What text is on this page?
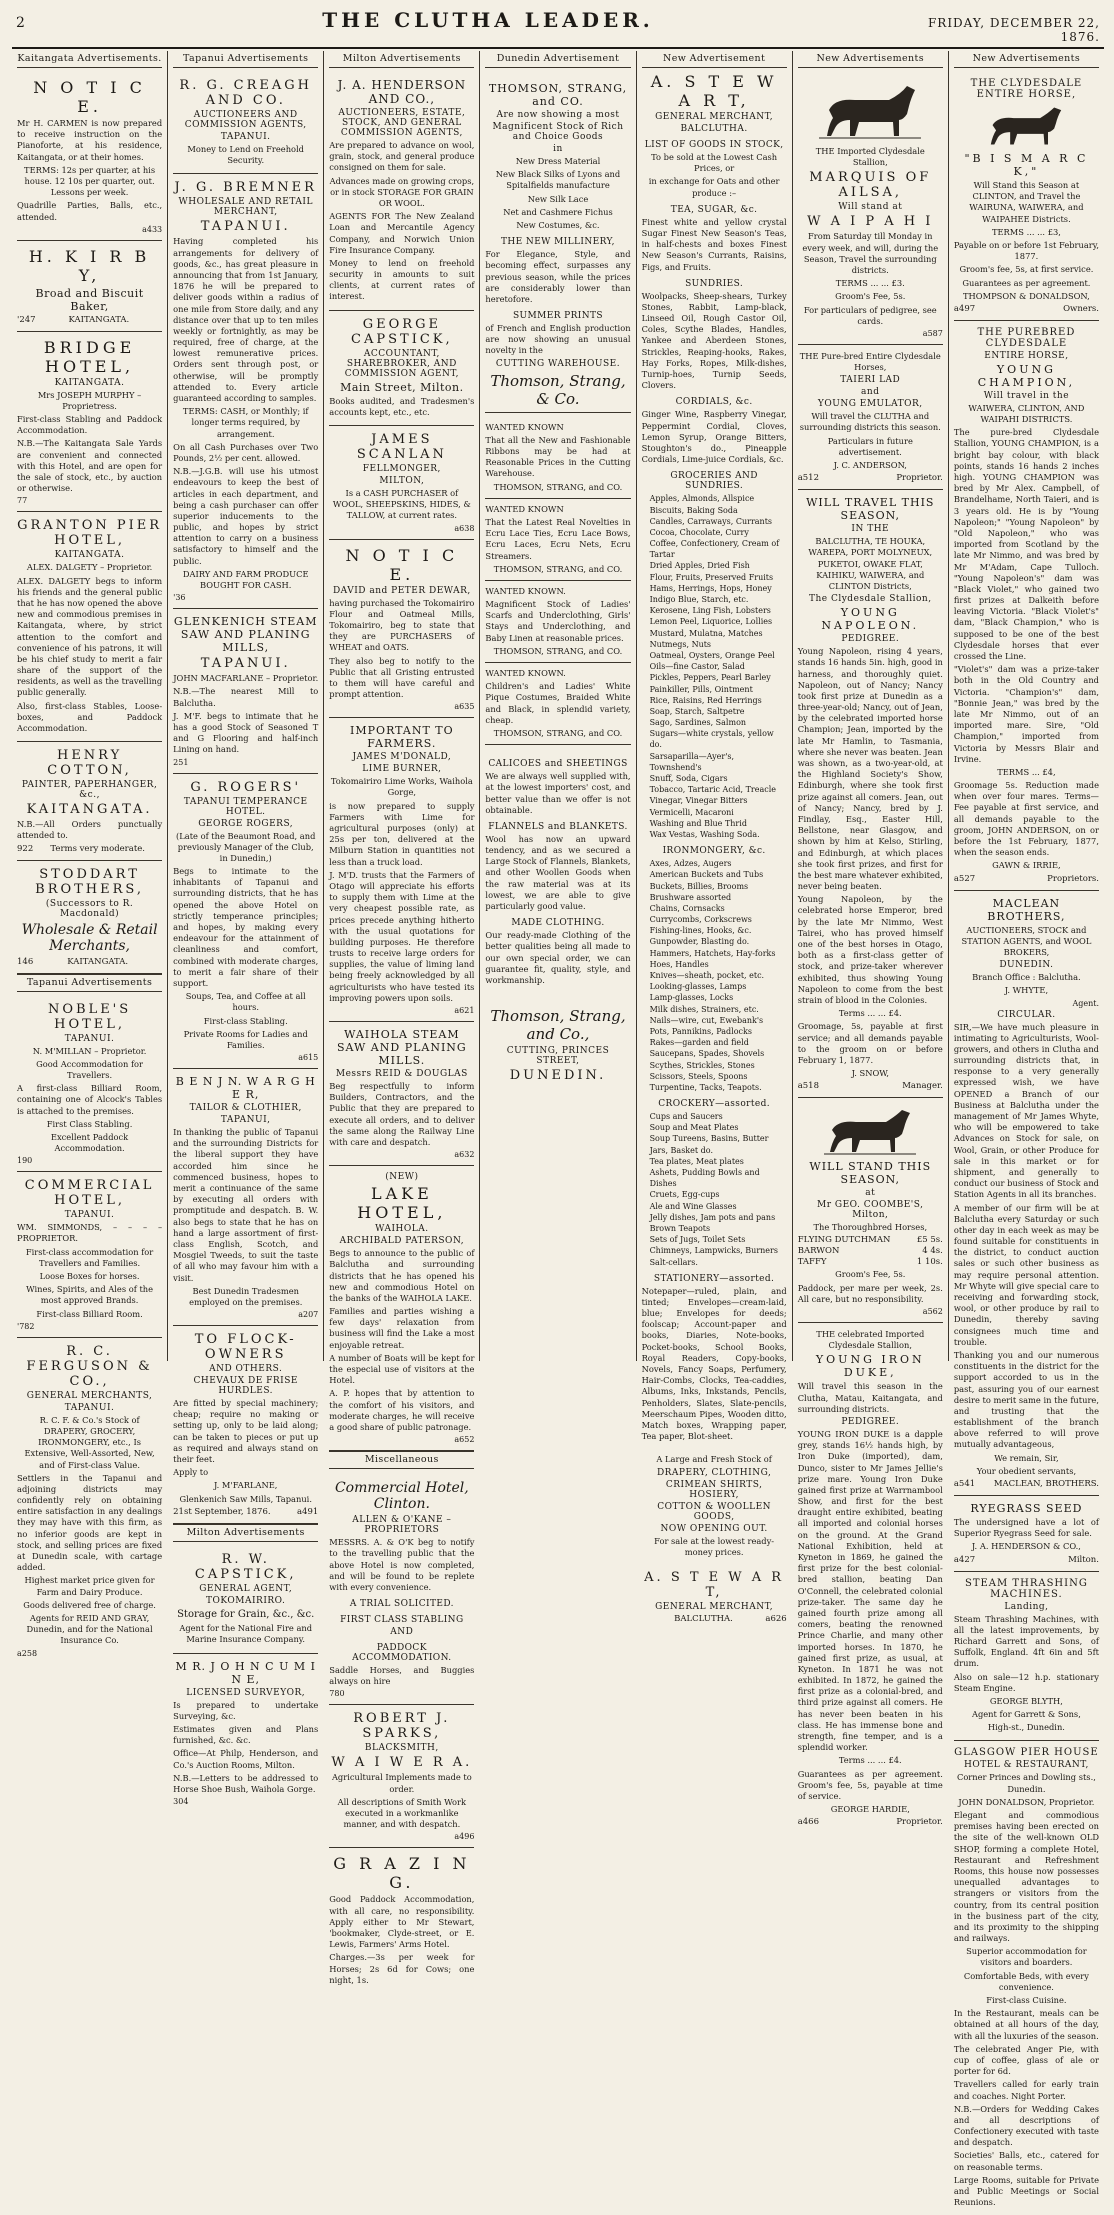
2	THE CLUTHA LEADER.	FRIDAY, DECEMBER 22, 1876.
Kaitangata Advertisements.
N O T I C E.
Mr H. CARMEN is now prepared to receive instruction on the Pianoforte, at his residence, Kaitangata, or at their homes.
TERMS: 12s per quarter, at his house. 12 10s per quarter, out. Lessons per week.
Quadrille Parties, Balls, etc., attended.
a433
H. K I R B Y,
Broad and Biscuit Baker,
'247	KAITANGATA.
BRIDGE HOTEL,
KAITANGATA.
Mrs JOSEPH MURPHY – Proprietress.
First-class Stabling and Paddock Accommodation.
N.B.—The Kaitangata Sale Yards are convenient and connected with this Hotel, and are open for the sale of stock, etc., by auction or otherwise.
77
GRANTON PIER HOTEL,
KAITANGATA.
ALEX. DALGETY – Proprietor.
ALEX. DALGETY begs to inform his friends and the general public that he has now opened the above new and commodious premises in Kaitangata, where, by strict attention to the comfort and convenience of his patrons, it will be his chief study to merit a fair share of the support of the residents, as well as the travelling public generally.
Also, first-class Stables, Loose-boxes, and Paddock Accommodation.
HENRY COTTON,
PAINTER, PAPERHANGER, &c.,
KAITANGATA.
N.B.—All Orders punctually attended to.
922 Terms very moderate.
STODDART BROTHERS,
(Successors to R. Macdonald)
Wholesale & Retail Merchants,
146	KAITANGATA.
Tapanui Advertisements
NOBLE'S HOTEL,
TAPANUI.
N. M'MILLAN – Proprietor.
Good Accommodation for Travellers.
A first-class Billiard Room, containing one of Alcock's Tables is attached to the premises.
First Class Stabling.
Excellent Paddock Accommodation.
190
COMMERCIAL HOTEL,
TAPANUI.
WM. SIMMONDS, – – – – PROPRIETOR.
First-class accommodation for Travellers and Families.
Loose Boxes for horses.
Wines, Spirits, and Ales of the most approved Brands.
First-class Billiard Room.
'782
R. C. FERGUSON & CO.,
GENERAL MERCHANTS,
TAPANUI.
R. C. F. & Co.'s Stock of DRAPERY, GROCERY, IRONMONGERY, etc., Is Extensive, Well-Assorted, New, and of First-class Value.
Settlers in the Tapanui and adjoining districts may confidently rely on obtaining entire satisfaction in any dealings they may have with this firm, as no inferior goods are kept in stock, and selling prices are fixed at Dunedin scale, with cartage added.
Highest market price given for Farm and Dairy Produce.
Goods delivered free of charge.
Agents for REID AND GRAY, Dunedin, and for the National Insurance Co.
a258
Tapanui Advertisements
R. G. CREAGH AND CO.
AUCTIONEERS AND COMMISSION AGENTS,
TAPANUI.
Money to Lend on Freehold Security.
J. G. BREMNER
WHOLESALE AND RETAIL MERCHANT,
TAPANUI.
Having completed his arrangements for delivery of goods, &c., has great pleasure in announcing that from 1st January, 1876 he will be prepared to deliver goods within a radius of one mile from Store daily, and any distance over that up to ten miles weekly or fortnightly, as may be required, free of charge, at the lowest remunerative prices. Orders sent through post, or otherwise, will be promptly attended to. Every article guaranteed according to samples.
TERMS: CASH, or Monthly; if longer terms required, by arrangement.
On all Cash Purchases over Two Pounds, 2½ per cent. allowed.
N.B.—J.G.B. will use his utmost endeavours to keep the best of articles in each department, and being a cash purchaser can offer superior inducements to the public, and hopes by strict attention to carry on a business satisfactory to himself and the public.
DAIRY AND FARM PRODUCE BOUGHT FOR CASH.
'36
GLENKENICH STEAM SAW AND PLANING MILLS,
TAPANUI.
JOHN MACFARLANE – Proprietor.
N.B.—The nearest Mill to Balclutha.
J. M'F. begs to intimate that he has a good Stock of Seasoned T and G Flooring and half-inch Lining on hand.
251
G. ROGERS'
TAPANUI TEMPERANCE HOTEL.
GEORGE ROGERS,
(Late of the Beaumont Road, and previously Manager of the Club, in Dunedin,)
Begs to intimate to the inhabitants of Tapanui and surrounding districts, that he has opened the above Hotel on strictly temperance principles; and hopes, by making every endeavour for the attainment of cleanliness and comfort, combined with moderate charges, to merit a fair share of their support.
Soups, Tea, and Coffee at all hours.
First-class Stabling.
Private Rooms for Ladies and Families.
a615
B E N J N. W A R G H E R,
TAILOR & CLOTHIER,
TAPANUI,
In thanking the public of Tapanui and the surrounding Districts for the liberal support they have accorded him since he commenced business, hopes to merit a continuance of the same by executing all orders with promptitude and despatch. B. W. also begs to state that he has on hand a large assortment of first-class English, Scotch, and Mosgiel Tweeds, to suit the taste of all who may favour him with a visit.
Best Dunedin Tradesmen employed on the premises.
a207
TO FLOCK-OWNERS
AND OTHERS.
CHEVAUX DE FRISE HURDLES.
Are fitted by special machinery; cheap; require no making or setting up, only to be laid along; can be taken to pieces or put up as required and always stand on their feet.
Apply to
J. M'FARLANE,
Glenkenich Saw Mills, Tapanui.
21st September, 1876.	a491
Milton Advertisements
R. W. CAPSTICK,
GENERAL AGENT,
TOKOMAIRIRO.
Storage for Grain, &c., &c.
Agent for the National Fire and Marine Insurance Company.
M R. J O H N C U M I N E,
LICENSED SURVEYOR,
Is prepared to undertake Surveying, &c.
Estimates given and Plans furnished, &c. &c.
Office—At Philp, Henderson, and Co.'s Auction Rooms, Milton.
N.B.—Letters to be addressed to Horse Shoe Bush, Waihola Gorge.
304
Milton Advertisements
J. A. HENDERSON AND CO.,
AUCTIONEERS, ESTATE, STOCK, AND GENERAL COMMISSION AGENTS,
Are prepared to advance on wool, grain, stock, and general produce consigned on them for sale.
Advances made on growing crops, or in stock STORAGE FOR GRAIN OR WOOL.
AGENTS FOR The New Zealand Loan and Mercantile Agency Company, and Norwich Union Fire Insurance Company.
Money to lend on freehold security in amounts to suit clients, at current rates of interest.
GEORGE CAPSTICK,
ACCOUNTANT, SHAREBROKER, AND COMMISSION AGENT,
Main Street, Milton.
Books audited, and Tradesmen's accounts kept, etc., etc.
JAMES SCANLAN
FELLMONGER,
MILTON,
Is a CASH PURCHASER of WOOL, SHEEPSKINS, HIDES, & TALLOW, at current rates.
a638
N O T I C E.
DAVID and PETER DEWAR,
having purchased the Tokomairiro Flour and Oatmeal Mills, Tokomairiro, beg to state that they are PURCHASERS of WHEAT and OATS.
They also beg to notify to the Public that all Gristing entrusted to them will have careful and prompt attention.
a635
IMPORTANT TO FARMERS.
JAMES M'DONALD,
LIME BURNER,
Tokomairiro Lime Works, Waihola Gorge,
is now prepared to supply Farmers with Lime for agricultural purposes (only) at 25s per ton, delivered at the Milburn Station in quantities not less than a truck load.
J. M'D. trusts that the Farmers of Otago will appreciate his efforts to supply them with Lime at the very cheapest possible rate, as prices precede anything hitherto with the usual quotations for building purposes. He therefore trusts to receive large orders for supplies, the value of liming land being freely acknowledged by all agriculturists who have tested its improving powers upon soils.
a621
WAIHOLA STEAM SAW AND PLANING MILLS.
Messrs REID & DOUGLAS
Beg respectfully to inform Builders, Contractors, and the Public that they are prepared to execute all orders, and to deliver the same along the Railway Line with care and despatch.
a632
(NEW)
LAKE HOTEL,
WAIHOLA.
ARCHIBALD PATERSON,
Begs to announce to the public of Balclutha and surrounding districts that he has opened his new and commodious Hotel on the banks of the WAIHOLA LAKE.
Families and parties wishing a few days' relaxation from business will find the Lake a most enjoyable retreat.
A number of Boats will be kept for the especial use of visitors at the Hotel.
A. P. hopes that by attention to the comfort of his visitors, and moderate charges, he will receive a good share of public patronage.
a652
Miscellaneous
Commercial Hotel, Clinton.
ALLEN & O'KANE – PROPRIETORS
MESSRS. A. & O'K beg to notify to the travelling public that the above Hotel is now completed, and will be found to be replete with every convenience.
A TRIAL SOLICITED.
FIRST CLASS STABLING
AND
PADDOCK ACCOMMODATION.
Saddle Horses, and Buggies always on hire
780
ROBERT J. SPARKS,
BLACKSMITH,
W A I W E R A.
Agricultural Implements made to order.
All descriptions of Smith Work executed in a workmanlike manner, and with despatch.
a496
G R A Z I N G.
Good Paddock Accommodation, with all care, no responsibility. Apply either to Mr Stewart, 'bookmaker, Clyde-street, or E. Lewis, Farmers' Arms Hotel.
Charges.—3s per week for Horses; 2s 6d for Cows; one night, 1s.
Dunedin Advertisement
THOMSON, STRANG, and CO.
Are now showing a most
Magnificent Stock of Rich and Choice Goods
in
New Dress Material
New Black Silks of Lyons and Spitalfields manufacture
New Silk Lace
Net and Cashmere Fichus
New Costumes, &c.
THE NEW MILLINERY,
For Elegance, Style, and becoming effect, surpasses any previous season, while the prices are considerably lower than heretofore.
SUMMER PRINTS
of French and English production are now showing an unusual novelty in the
CUTTING WAREHOUSE.
Thomson, Strang, & Co.
WANTED KNOWN
That all the New and Fashionable Ribbons may be had at Reasonable Prices in the Cutting Warehouse.
THOMSON, STRANG, and CO.
WANTED KNOWN
That the Latest Real Novelties in Ecru Lace Ties, Ecru Lace Bows, Ecru Laces, Ecru Nets, Ecru Streamers.
THOMSON, STRANG, and CO.
WANTED KNOWN.
Magnificent Stock of Ladies' Scarfs and Underclothing, Girls' Stays and Underclothing, and Baby Linen at reasonable prices.
THOMSON, STRANG, and CO.
WANTED KNOWN.
Children's and Ladies' White Pique Costumes, Braided White and Black, in splendid variety, cheap.
THOMSON, STRANG, and CO.
CALICOES and SHEETINGS
We are always well supplied with, at the lowest importers' cost, and better value than we offer is not obtainable.
FLANNELS and BLANKETS.
Wool has now an upward tendency, and as we secured a Large Stock of Flannels, Blankets, and other Woollen Goods when the raw material was at its lowest, we are able to give particularly good value.
MADE CLOTHING.
Our ready-made Clothing of the better qualities being all made to our own special order, we can guarantee fit, quality, style, and workmanship.
Thomson, Strang, and Co.,
CUTTING, PRINCES STREET,
DUNEDIN.
New Advertisement
A. S T E W A R T,
GENERAL MERCHANT,
BALCLUTHA.
LIST OF GOODS IN STOCK,
To be sold at the Lowest Cash Prices, or
in exchange for Oats and other produce :–
TEA, SUGAR, &c.
Finest white and yellow crystal Sugar Finest New Season's Teas, in half-chests and boxes Finest New Season's Currants, Raisins, Figs, and Fruits.
SUNDRIES.
Woolpacks, Sheep-shears, Turkey Stones, Rabbit, Lamp-black, Linseed Oil, Rough Castor Oil, Coles, Scythe Blades, Handles, Yankee and Aberdeen Stones, Strickles, Reaping-hooks, Rakes, Hay Forks, Ropes, Milk-dishes, Turnip-hoes, Turnip Seeds, Clovers.
CORDIALS, &c.
Ginger Wine, Raspberry Vinegar, Peppermint Cordial, Cloves, Lemon Syrup, Orange Bitters, Stoughton's do., Pineapple Cordials, Lime-juice Cordials, &c.
GROCERIES AND SUNDRIES.
Apples, Almonds, Allspice
Biscuits, Baking Soda
Candles, Carraways, Currants
Cocoa, Chocolate, Curry
Coffee, Confectionery, Cream of Tartar
Dried Apples, Dried Fish
Flour, Fruits, Preserved Fruits
Hams, Herrings, Hops, Honey
Indigo Blue, Starch, etc.
Kerosene, Ling Fish, Lobsters
Lemon Peel, Liquorice, Lollies
Mustard, Mulatna, Matches
Nutmegs, Nuts
Oatmeal, Oysters, Orange Peel
Oils—fine Castor, Salad
Pickles, Peppers, Pearl Barley
Painkiller, Pills, Ointment
Rice, Raisins, Red Herrings
Soap, Starch, Saltpetre
Sago, Sardines, Salmon
Sugars—white crystals, yellow do.
Sarsaparilla—Ayer's, Townshend's
Snuff, Soda, Cigars
Tobacco, Tartaric Acid, Treacle
Vinegar, Vinegar Bitters
Vermicelli, Macaroni
Washing and Blue Thrid
Wax Vestas, Washing Soda.
IRONMONGERY, &c.
Axes, Adzes, Augers
American Buckets and Tubs
Buckets, Billies, Brooms
Brushware assorted
Chains, Cornsacks
Currycombs, Corkscrews
Fishing-lines, Hooks, &c.
Gunpowder, Blasting do.
Hammers, Hatchets, Hay-forks
Hoes, Handles
Knives—sheath, pocket, etc.
Looking-glasses, Lamps
Lamp-glasses, Locks
Milk dishes, Strainers, etc.
Nails—wire, cut, Ewebank's
Pots, Pannikins, Padlocks
Rakes—garden and field
Saucepans, Spades, Shovels
Scythes, Strickles, Stones
Scissors, Steels, Spoons
Turpentine, Tacks, Teapots.
CROCKERY—assorted.
Cups and Saucers
Soup and Meat Plates
Soup Tureens, Basins, Butter Jars, Basket do.
Tea plates, Meat plates
Ashets, Pudding Bowls and Dishes
Cruets, Egg-cups
Ale and Wine Glasses
Jelly dishes, Jam pots and pans
Brown Teapots
Sets of Jugs, Toilet Sets
Chimneys, Lampwicks, Burners
Salt-cellars.
STATIONERY—assorted.
Notepaper—ruled, plain, and tinted; Envelopes—cream-laid, blue; Envelopes for deeds; foolscap; Account-paper and books, Diaries, Note-books, Pocket-books, School Books, Royal Readers, Copy-books, Novels, Fancy Soaps, Perfumery, Hair-Combs, Clocks, Tea-caddies, Albums, Inks, Inkstands, Pencils, Penholders, Slates, Slate-pencils, Meerschaum Pipes, Wooden ditto, Match boxes, Wrapping paper, Tea paper, Blot-sheet.
A Large and Fresh Stock of
DRAPERY, CLOTHING,
CRIMEAN SHIRTS, HOSIERY,
COTTON & WOOLLEN GOODS,
NOW OPENING OUT.
For sale at the lowest ready-money prices.
A. S T E W A R T,
GENERAL MERCHANT,
BALCLUTHA.	a626
New Advertisements
THE Imported Clydesdale Stallion,
MARQUIS OF AILSA,
Will stand at
W A I P A H I
From Saturday till Monday in every week, and will, during the Season, Travel the surrounding districts.
TERMS ... ... £3.
Groom's Fee, 5s.
For particulars of pedigree, see cards.
a587
THE Pure-bred Entire Clydesdale Horses,
TAIERI LAD
and
YOUNG EMULATOR,
Will travel the CLUTHA and surrounding districts this season.
Particulars in future advertisement.
J. C. ANDERSON,
a512	Proprietor.
WILL TRAVEL THIS SEASON,
IN THE
BALCLUTHA, TE HOUKA, WAREPA, PORT MOLYNEUX, PUKETOI, OWAKE FLAT, KAIHIKU, WAIWERA, and CLINTON Districts,
The Clydesdale Stallion,
YOUNG NAPOLEON.
PEDIGREE.
Young Napoleon, rising 4 years, stands 16 hands 5in. high, good in harness, and thoroughly quiet. Napoleon, out of Nancy; Nancy took first prize at Dunedin as a three-year-old; Nancy, out of Jean, by the celebrated imported horse Champion; Jean, imported by the late Mr Hamlin, to Tasmania, where she never was beaten. Jean was shown, as a two-year-old, at the Highland Society's Show, Edinburgh, where she took first prize against all comers. Jean, out of Nancy; Nancy, bred by J. Findlay, Esq., Easter Hill, Bellstone, near Glasgow, and shown by him at Kelso, Stirling, and Edinburgh, at which places she took first prizes, and first for the best mare whatever exhibited, never being beaten.
Young Napoleon, by the celebrated horse Emperor, bred by the late Mr Nimmo, West Tairei, who has proved himself one of the best horses in Otago, both as a first-class getter of stock, and prize-taker wherever exhibited, thus showing Young Napoleon to come from the best strain of blood in the Colonies.
Terms ... ... £4.
Groomage, 5s, payable at first service; and all demands payable to the groom on or before February 1, 1877.
J. SNOW,
a518	Manager.
WILL STAND THIS SEASON,
at
Mr GEO. COOMBE'S, Milton,
The Thoroughbred Horses,
FLYING DUTCHMAN	£5 5s.
BARWON	4 4s.
TAFFY	1 10s.
Groom's Fee, 5s.
Paddock, per mare per week, 2s. All care, but no responsibility.
a562
THE celebrated Imported Clydesdale Stallion,
YOUNG IRON DUKE,
Will travel this season in the Clutha, Matau, Kaitangata, and surrounding districts.
PEDIGREE.
YOUNG IRON DUKE is a dapple grey, stands 16½ hands high, by Iron Duke (imported), dam, Dunco, sister to Mr James Jellie's prize mare. Young Iron Duke gained first prize at Warrnambool Show, and first for the best draught entire exhibited, beating all imported and colonial horses on the ground. At the Grand National Exhibition, held at Kyneton in 1869, he gained the first prize for the best colonial-bred stallion, beating Dan O'Connell, the celebrated colonial prize-taker. The same day he gained fourth prize among all comers, beating the renowned Prince Charlie, and many other imported horses. In 1870, he gained first prize, as usual, at Kyneton. In 1871 he was not exhibited. In 1872, he gained the first prize as a colonial-bred, and third prize against all comers. He has never been beaten in his class. He has immense bone and strength, fine temper, and is a splendid worker.
Terms ... ... £4.
Guarantees as per agreement. Groom's fee, 5s, payable at time of service.
GEORGE HARDIE,
a466	Proprietor.
New Advertisements
THE CLYDESDALE ENTIRE HORSE,
"B I S M A R C K,"
Will Stand this Season at CLINTON, and Travel the WAIRUNA, WAIWERA, and WAIPAHEE Districts.
TERMS ... ... £3,
Payable on or before 1st February, 1877.
Groom's fee, 5s, at first service.
Guarantees as per agreement.
THOMPSON & DONALDSON,
a497	Owners.
THE PUREBRED CLYDESDALE
ENTIRE HORSE,
YOUNG CHAMPION,
Will travel in the
WAIWERA, CLINTON, AND WAIPAHI DISTRICTS.
The pure-bred Clydesdale Stallion, YOUNG CHAMPION, is a bright bay colour, with black points, stands 16 hands 2 inches high. YOUNG CHAMPION was bred by Mr Alex. Campbell, of Brandelhame, North Taieri, and is 3 years old. He is by "Young Napoleon;" "Young Napoleon" by "Old Napoleon," who was imported from Scotland by the late Mr Nimmo, and was bred by Mr M'Adam, Cape Tulloch. "Young Napoleon's" dam was "Black Violet," who gained two first prizes at Dalkeith before leaving Victoria. "Black Violet's" dam, "Black Champion," who is supposed to be one of the best Clydesdale horses that ever crossed the Line.
"Violet's" dam was a prize-taker both in the Old Country and Victoria. "Champion's" dam, "Bonnie Jean," was bred by the late Mr Nimmo, out of an imported mare. Sire, "Old Champion," imported from Victoria by Messrs Blair and Irvine.
TERMS ... £4,
Groomage 5s. Reduction made when over four mares. Terms—Fee payable at first service, and all demands payable to the groom, JOHN ANDERSON, on or before the 1st February, 1877, when the season ends.
GAWN & IRRIE,
a527	Proprietors.
MACLEAN BROTHERS,
AUCTIONEERS, STOCK and STATION AGENTS, and WOOL BROKERS,
DUNEDIN.
Branch Office : Balclutha.
J. WHYTE,
Agent.
CIRCULAR.
SIR,—We have much pleasure in intimating to Agriculturists, Wool-growers, and others in Clutha and surrounding districts that, in response to a very generally expressed wish, we have OPENED a Branch of our Business at Balclutha under the management of Mr James Whyte, who will be empowered to take Advances on Stock for sale, on Wool, Grain, or other Produce for sale in this market or for shipment, and generally to conduct our business of Stock and Station Agents in all its branches.
A member of our firm will be at Balclutha every Saturday or such other day in each week as may be found suitable for constituents in the district, to conduct auction sales or such other business as may require personal attention. Mr Whyte will give special care to receiving and forwarding stock, wool, or other produce by rail to Dunedin, thereby saving consignees much time and trouble.
Thanking you and our numerous constituents in the district for the support accorded to us in the past, assuring you of our earnest desire to merit same in the future, and trusting that the establishment of the branch above referred to will prove mutually advantageous,
We remain, Sir,
Your obedient servants,
a541 MACLEAN, BROTHERS.
RYEGRASS SEED
The undersigned have a lot of Superior Ryegrass Seed for sale.
J. A. HENDERSON & CO.,
a427	Milton.
STEAM THRASHING MACHINES.
Landing,
Steam Thrashing Machines, with all the latest improvements, by Richard Garrett and Sons, of Suffolk, England. 4ft 6in and 5ft drum.
Also on sale—12 h.p. stationary Steam Engine.
GEORGE BLYTH,
Agent for Garrett & Sons,
High-st., Dunedin.
GLASGOW PIER HOUSE
HOTEL & RESTAURANT,
Corner Princes and Dowling sts., Dunedin.
JOHN DONALDSON, Proprietor.
Elegant and commodious premises having been erected on the site of the well-known OLD SHOP, forming a complete Hotel, Restaurant and Refreshment Rooms, this house now possesses unequalled advantages to strangers or visitors from the country, from its central position in the business part of the city, and its proximity to the shipping and railways.
Superior accommodation for visitors and boarders.
Comfortable Beds, with every convenience.
First-class Cuisine.
In the Restaurant, meals can be obtained at all hours of the day, with all the luxuries of the season.
The celebrated Anger Pie, with cup of coffee, glass of ale or porter for 6d.
Travellers called for early train and coaches. Night Porter.
N.B.—Orders for Wedding Cakes and all descriptions of Confectionery executed with taste and despatch.
Societies' Balls, etc., catered for on reasonable terms.
Large Rooms, suitable for Private and Public Meetings or Social Reunions.
